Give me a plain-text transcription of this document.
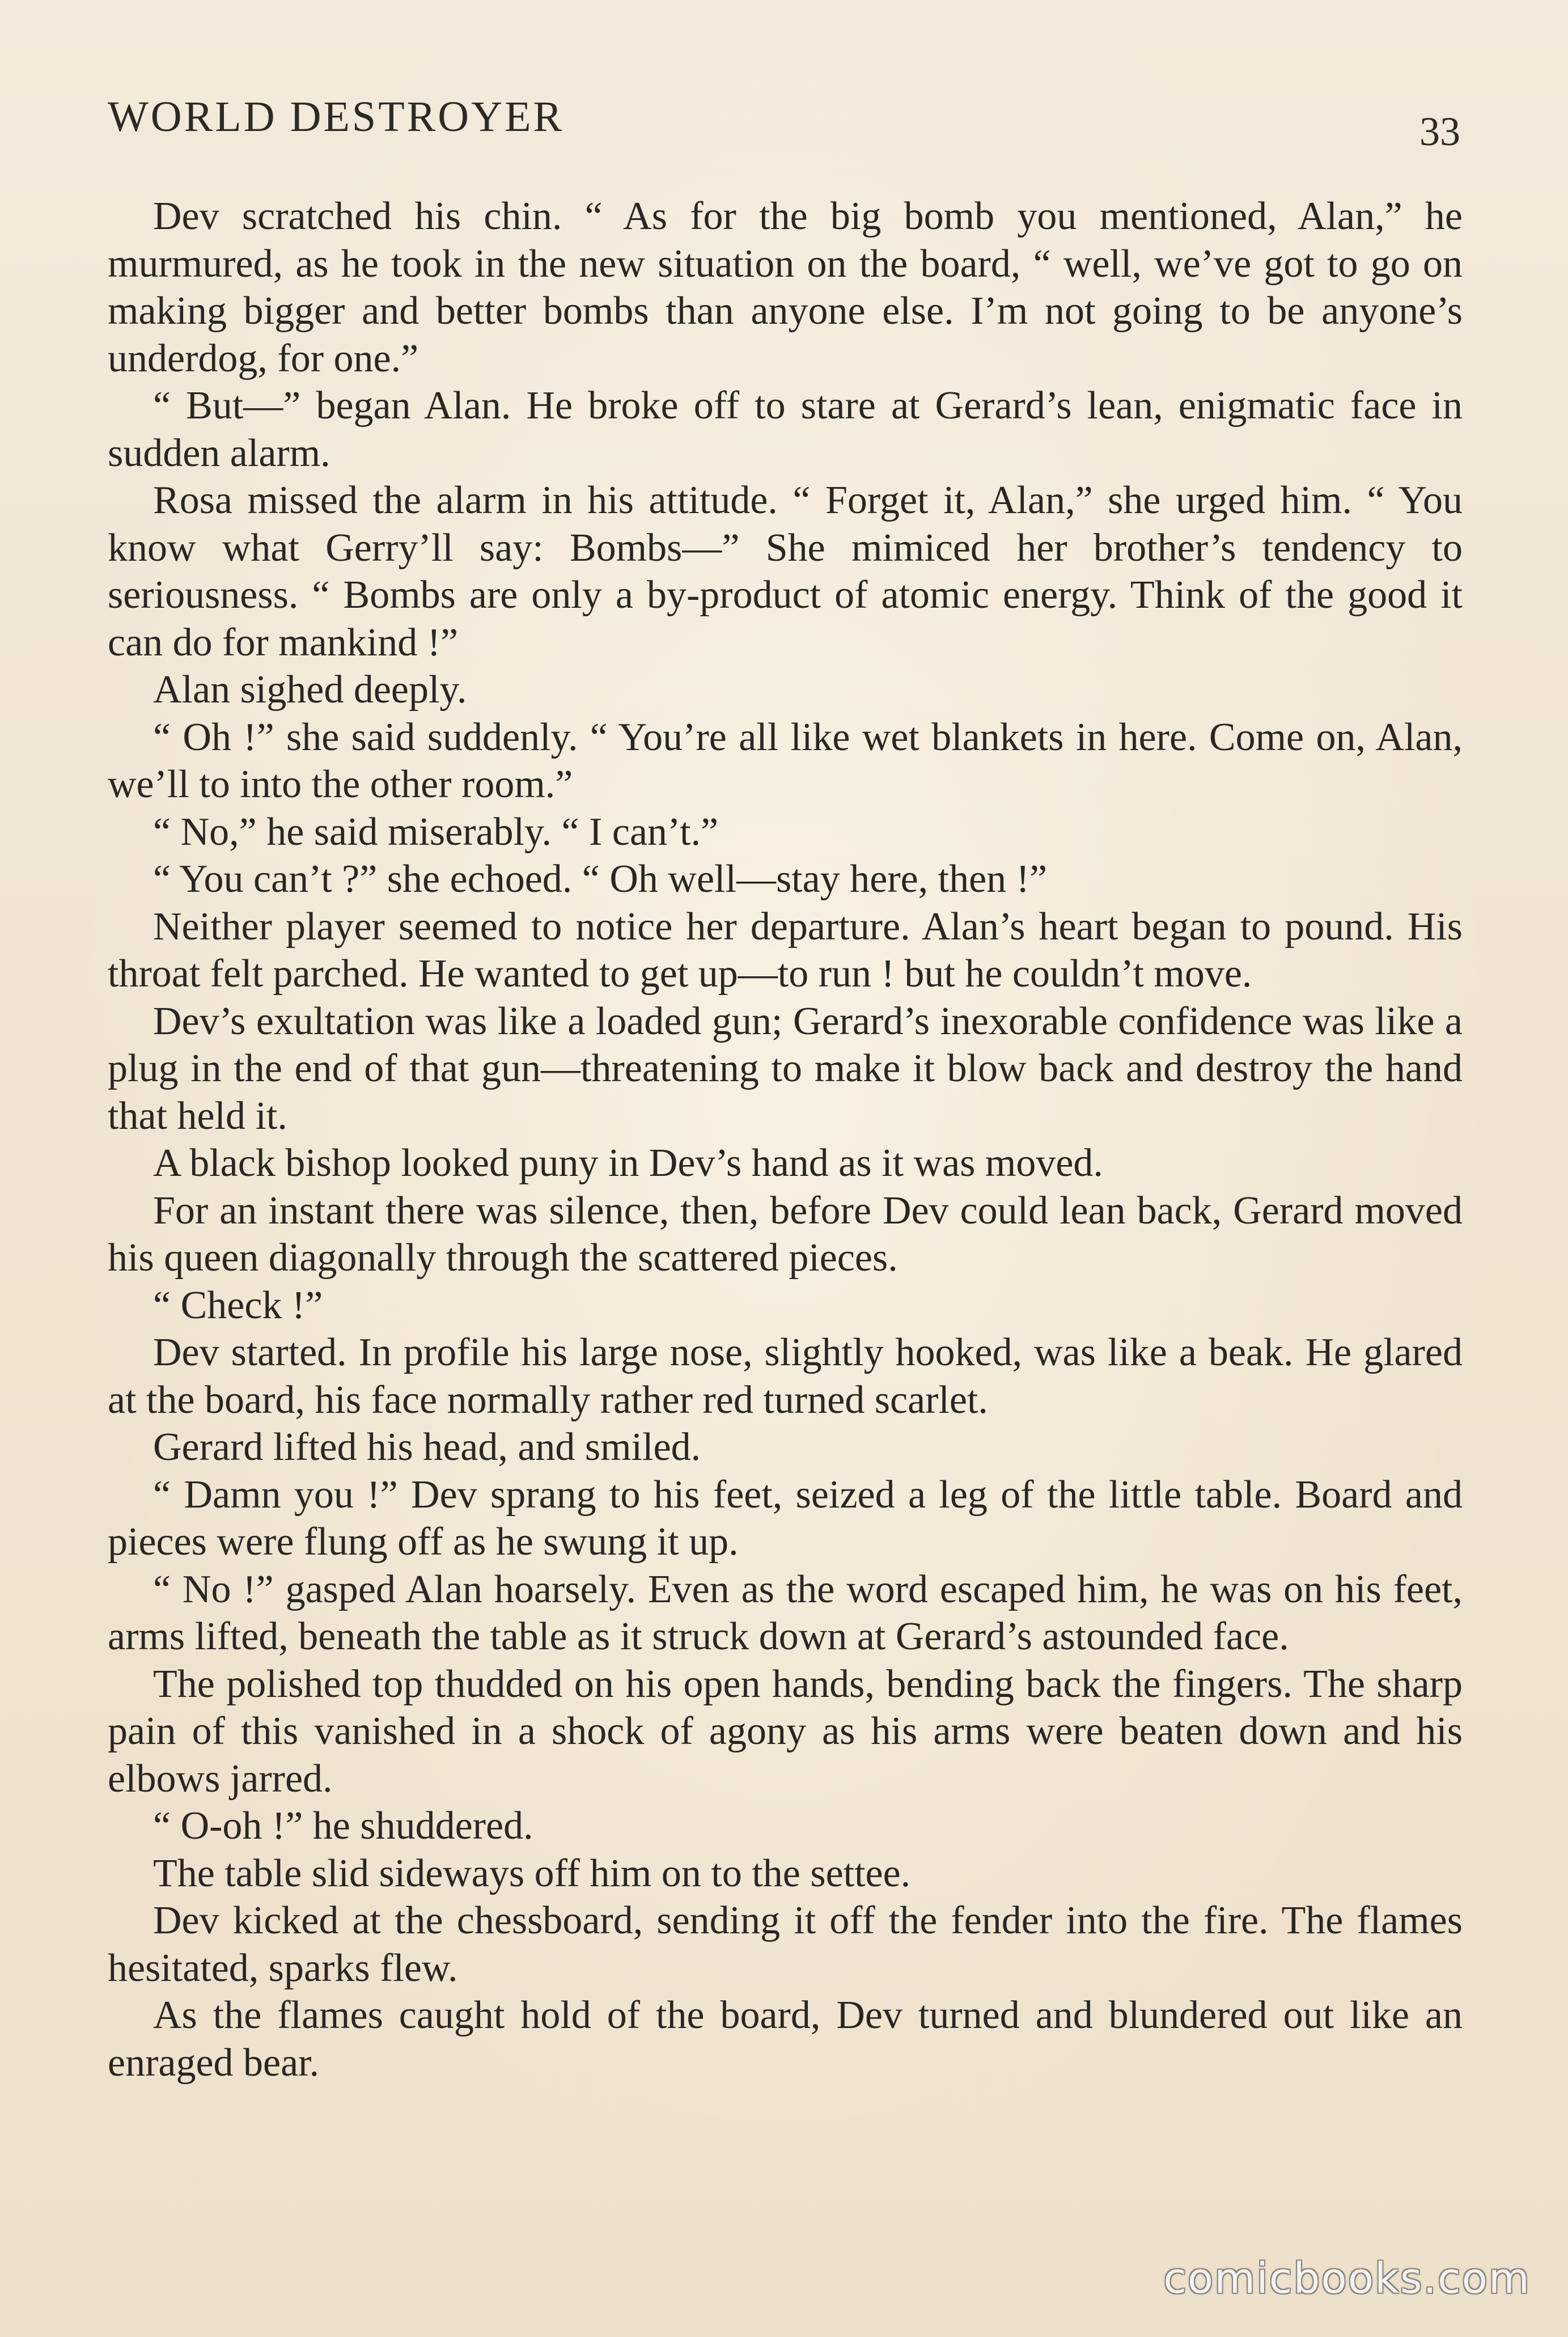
WORLD DESTROYER	33

Dev scratched his chin. “ As for the big bomb you mentioned, Alan,” he murmured, as he took in the new situation on the board, “ well, we’ve got to go on making bigger and better bombs than anyone else. I’m not going to be anyone’s underdog, for one.”

“ But—” began Alan. He broke off to stare at Gerard’s lean, enigmatic face in sudden alarm.

Rosa missed the alarm in his attitude. “ Forget it, Alan,” she urged him. “ You know what Gerry’ll say: Bombs—” She mimiced her brother’s tendency to seriousness. “ Bombs are only a by-product of atomic energy. Think of the good it can do for mankind !”

Alan sighed deeply.

“ Oh !” she said suddenly. “ You’re all like wet blankets in here. Come on, Alan, we’ll to into the other room.”

“ No,” he said miserably. “ I can’t.”

“ You can’t ?” she echoed. “ Oh well—stay here, then !”

Neither player seemed to notice her departure. Alan’s heart began to pound. His throat felt parched. He wanted to get up—to run ! but he couldn’t move.

Dev’s exultation was like a loaded gun; Gerard’s inexorable confidence was like a plug in the end of that gun—threatening to make it blow back and destroy the hand that held it.

A black bishop looked puny in Dev’s hand as it was moved.

For an instant there was silence, then, before Dev could lean back, Gerard moved his queen diagonally through the scattered pieces.

“ Check !”

Dev started. In profile his large nose, slightly hooked, was like a beak. He glared at the board, his face normally rather red turned scarlet.

Gerard lifted his head, and smiled.

“ Damn you !” Dev sprang to his feet, seized a leg of the little table. Board and pieces were flung off as he swung it up.

“ No !” gasped Alan hoarsely. Even as the word escaped him, he was on his feet, arms lifted, beneath the table as it struck down at Gerard’s astounded face.

The polished top thudded on his open hands, bending back the fingers. The sharp pain of this vanished in a shock of agony as his arms were beaten down and his elbows jarred.

“ O-oh !” he shuddered.

The table slid sideways off him on to the settee.

Dev kicked at the chessboard, sending it off the fender into the fire. The flames hesitated, sparks flew.

As the flames caught hold of the board, Dev turned and blundered out like an enraged bear.

comicbooks.com
